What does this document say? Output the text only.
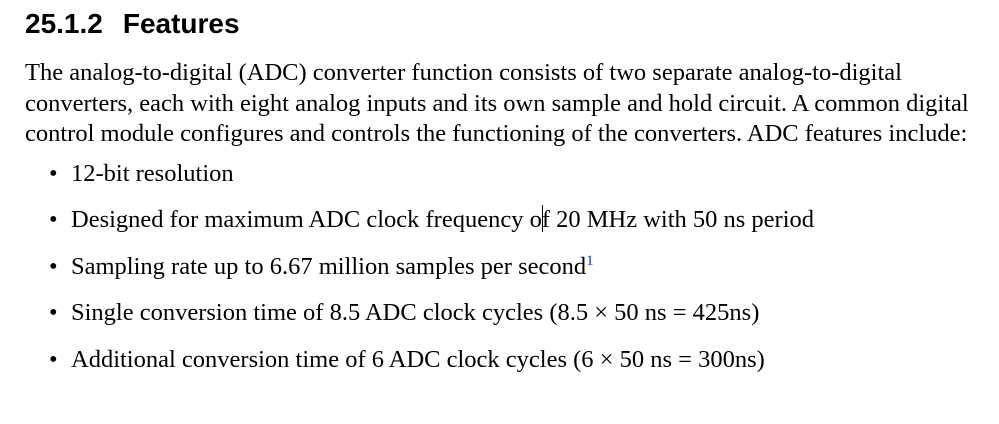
25.1.2 Features

The analog-to-digital (ADC) converter function consists of two separate analog-to-digital converters, each with eight analog inputs and its own sample and hold circuit. A common digital control module configures and controls the functioning of the converters. ADC features include:

• 12-bit resolution
• Designed for maximum ADC clock frequency of 20 MHz with 50 ns period
• Sampling rate up to 6.67 million samples per second$^1$
• Single conversion time of 8.5 ADC clock cycles (8.5 × 50 ns = 425ns)
• Additional conversion time of 6 ADC clock cycles (6 × 50 ns = 300ns)
